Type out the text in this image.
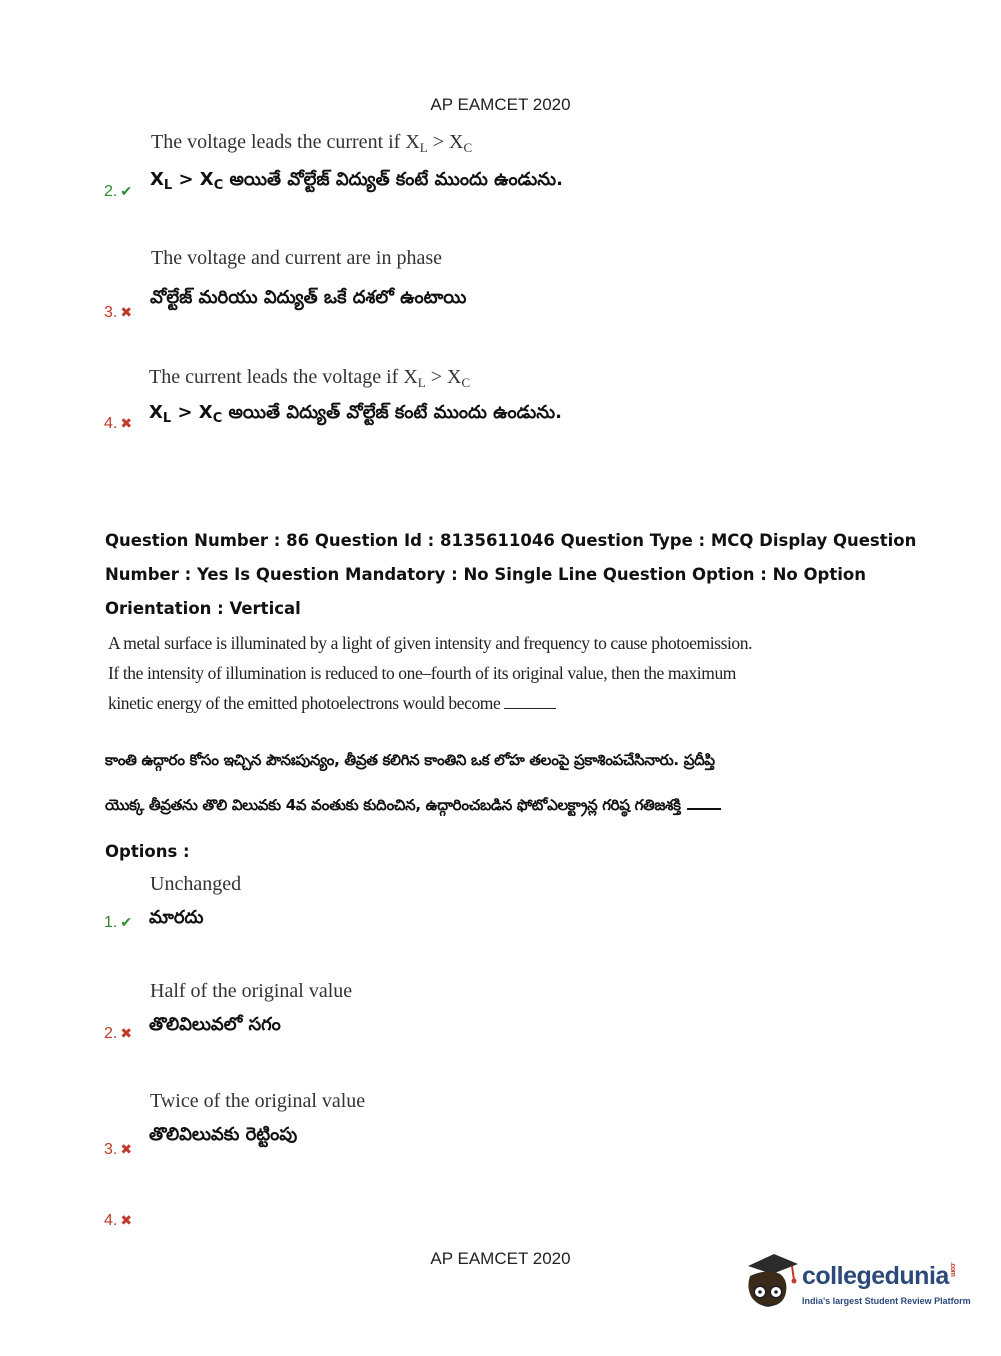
AP EAMCET 2020
The voltage leads the current if $X_L > X_C$
$X_L > X_C$ అయితే వోల్టేజ్ విద్యుత్ కంటే ముందు ఉండును.
2. ✔
The voltage and current are in phase
వోల్టేజ్ మరియు విద్యుత్ ఒకే దశలో ఉంటాయి
3. ✖
The current leads the voltage if $X_L > X_C$
$X_L > X_C$ అయితే విద్యుత్ వోల్టేజ్ కంటే ముందు ఉండును.
4. ✖
Question Number : 86 Question Id : 8135611046 Question Type : MCQ Display Question
Number : Yes Is Question Mandatory : No Single Line Question Option : No Option
Orientation : Vertical
A metal surface is illuminated by a light of given intensity and frequency to cause photoemission.
If the intensity of illumination is reduced to one–fourth of its original value, then the maximum
kinetic energy of the emitted photoelectrons would become
కాంతి ఉద్గారం కోసం ఇచ్చిన పౌనఃపున్యం, తీవ్రత కలిగిన కాంతిని ఒక లోహ తలంపై ప్రకాశింపచేసినారు. ప్రదీప్తి
యొక్క తీవ్రతను తొలి విలువకు 4వ వంతుకు కుదించిన, ఉద్గారించబడిన ఫోటోఎలక్ట్రాన్ల గరిష్ఠ గతిజశక్తి
Options :
Unchanged
మారదు
1. ✔
Half of the original value
తొలివిలువలో సగం
2. ✖
Twice of the original value
తొలివిలువకు రెట్టింపు
3. ✖
4. ✖
AP EAMCET 2020
collegedunia.com
India's largest Student Review Platform
